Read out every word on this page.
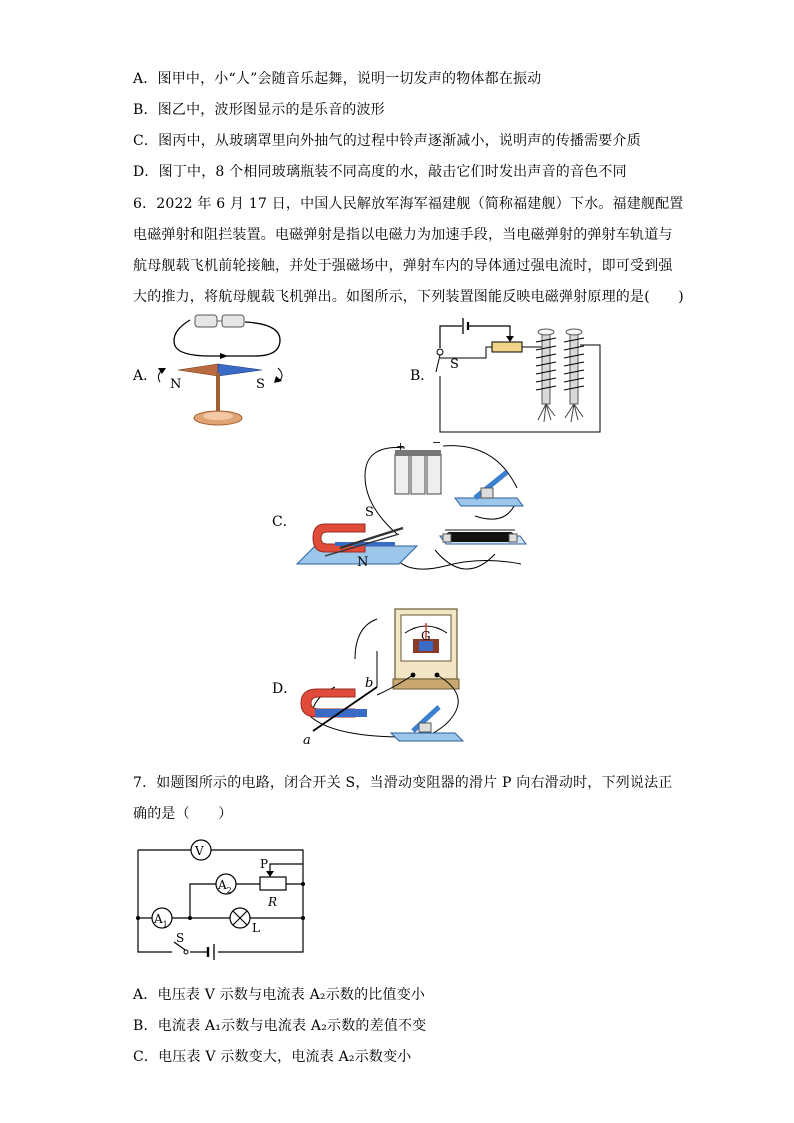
A．图甲中，小“人”会随音乐起舞，说明一切发声的物体都在振动
B．图乙中，波形图显示的是乐音的波形
C．图丙中，从玻璃罩里向外抽气的过程中铃声逐渐减小，说明声的传播需要介质
D．图丁中，8 个相同玻璃瓶装不同高度的水，敲击它们时发出声音的音色不同
6．2022 年 6 月 17 日，中国人民解放军海军福建舰（简称福建舰）下水。福建舰配置
电磁弹射和阻拦装置。电磁弹射是指以电磁力为加速手段，当电磁弹射的弹射车轨道与
航母舰载飞机前轮接触，并处于强磁场中，弹射车内的导体通过强电流时，即可受到强
大的推力，将航母舰载飞机弹出。如图所示，下列装置图能反映电磁弹射原理的是(　　)
A．	B．
C．
D．
N	S
S
+ −
S
N
G
b
a
7．如题图所示的电路，闭合开关 S，当滑动变阻器的滑片 P 向右滑动时，下列说法正
确的是（　　）
V
S
$A_1$	L
$A_2$
P
R
A．电压表 V 示数与电流表 A₂示数的比值变小
B．电流表 A₁示数与电流表 A₂示数的差值不变
C．电压表 V 示数变大，电流表 A₂示数变小
